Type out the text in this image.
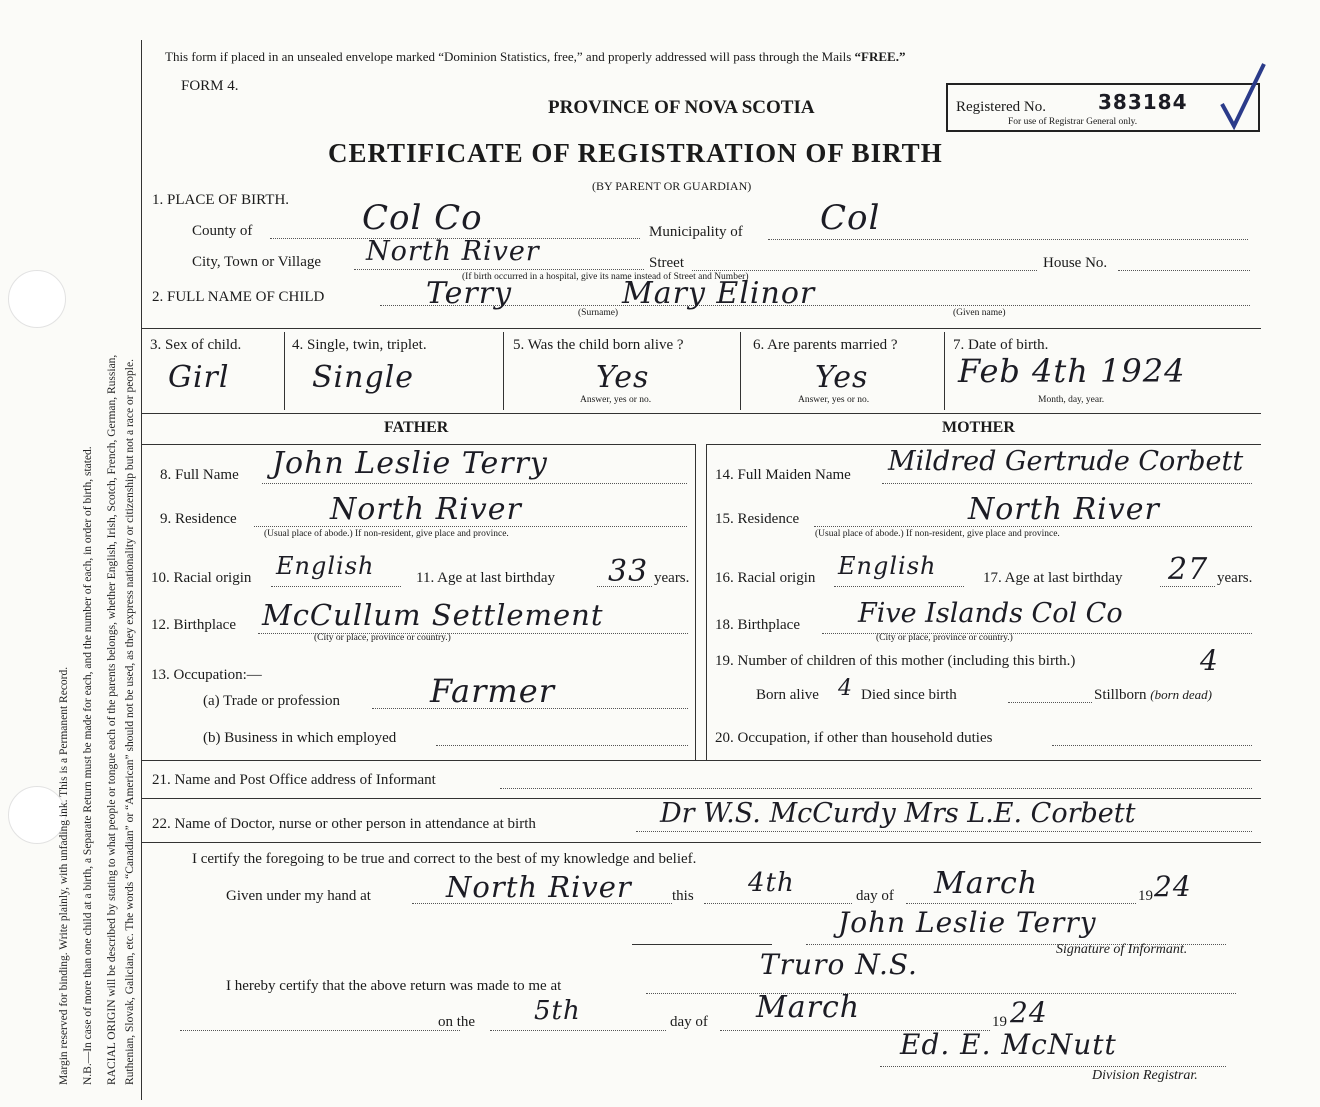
Margin reserved for binding. Write plainly, with unfading ink. This is a Permanent Record. N.B.—In case of more than one child at a birth, a Separate Return must be made for each, and the number of each, in order of birth, stated. RACIAL ORIGIN will be described by stating to what people or tongue each of the parents belongs, whether English, Irish, Scotch, French, German, Russian, Ruthenian, Slovak, Galician, etc. The words “Canadian” or “American” should not be used, as they express nationality or citizenship but not a race or people.
This form if placed in an unsealed envelope marked “Dominion Statistics, free,” and properly addressed will pass through the Mails “FREE.”
FORM 4.
PROVINCE OF NOVA SCOTIA	Registered No.	383184
For use of Registrar General only.
CERTIFICATE OF REGISTRATION OF BIRTH
(BY PARENT OR GUARDIAN)
1. PLACE OF BIRTH.
County of	Col Co	Municipality of Col
City, Town or Village North River	Street	House No.
(If birth occurred in a hospital, give its name instead of Street and Number)
2. FULL NAME OF CHILD	Terry	Mary Elinor
(Surname)	(Given name)
3. Sex of child.
Girl
4. Single, twin, triplet.
Single
5. Was the child born alive ?
Yes
Answer, yes or no.
6. Are parents married ?
Yes
Answer, yes or no.
7. Date of birth.
Feb 4th 1924
Month, day, year.
FATHER	MOTHER
8. Full Name John Leslie Terry
9. Residence	North River
(Usual place of abode.) If non-resident, give place and province.
10. Racial origin English	11. Age at last birthday 33 years.
12. Birthplace McCullum Settlement
(City or place, province or country.)
13. Occupation:—
(a) Trade or profession	Farmer
(b) Business in which employed
14. Full Maiden Name Mildred Gertrude Corbett
15. Residence	North River
(Usual place of abode.) If non-resident, give place and province.
16. Racial origin English	17. Age at last birthday 27 years.
18. Birthplace Five Islands Col Co
(City or place, province or country.)
19. Number of children of this mother (including this birth.)	4
Born alive 4 Died since birth	Stillborn (born dead)
20. Occupation, if other than household duties
21. Name and Post Office address of Informant
22. Name of Doctor, nurse or other person in attendance at birth	Dr W.S. McCurdy Mrs L.E. Corbett
I certify the foregoing to be true and correct to the best of my knowledge and belief.
Given under my hand at	North River	this 4th	day of March	19 24
John Leslie Terry
Signature of Informant.
Truro N.S.
I hereby certify that the above return was made to me at
on the 5th	day of March	19 24
Ed. E. McNutt
Division Registrar.
